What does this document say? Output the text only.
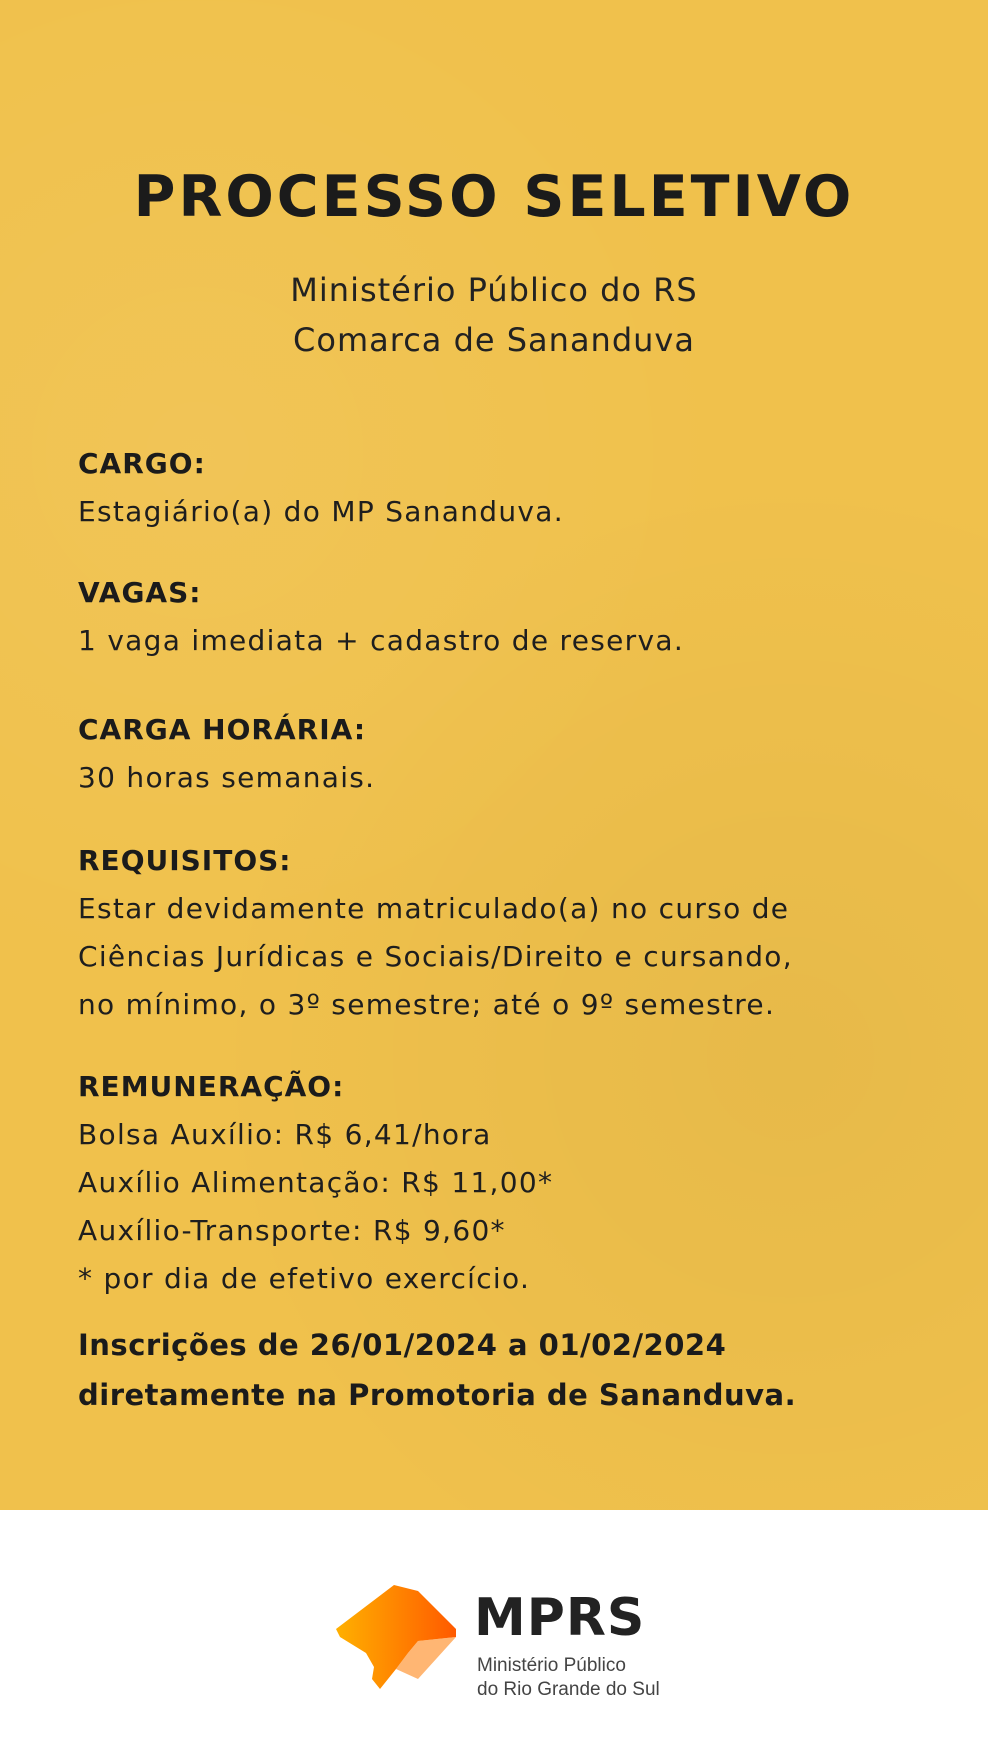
PROCESSO SELETIVO
Ministério Público do RS
Comarca de Sananduva
CARGO:
Estagiário(a) do MP Sananduva.
VAGAS:
1 vaga imediata + cadastro de reserva.
CARGA HORÁRIA:
30 horas semanais.
REQUISITOS:
Estar devidamente matriculado(a) no curso de
Ciências Jurídicas e Sociais/Direito e cursando,
no mínimo, o 3º semestre; até o 9º semestre.
REMUNERAÇÃO:
Bolsa Auxílio: R$ 6,41/hora
Auxílio Alimentação: R$ 11,00*
Auxílio-Transporte: R$ 9,60*
* por dia de efetivo exercício.
Inscrições de 26/01/2024 a 01/02/2024
diretamente na Promotoria de Sananduva.
MPRS
Ministério Público
do Rio Grande do Sul
